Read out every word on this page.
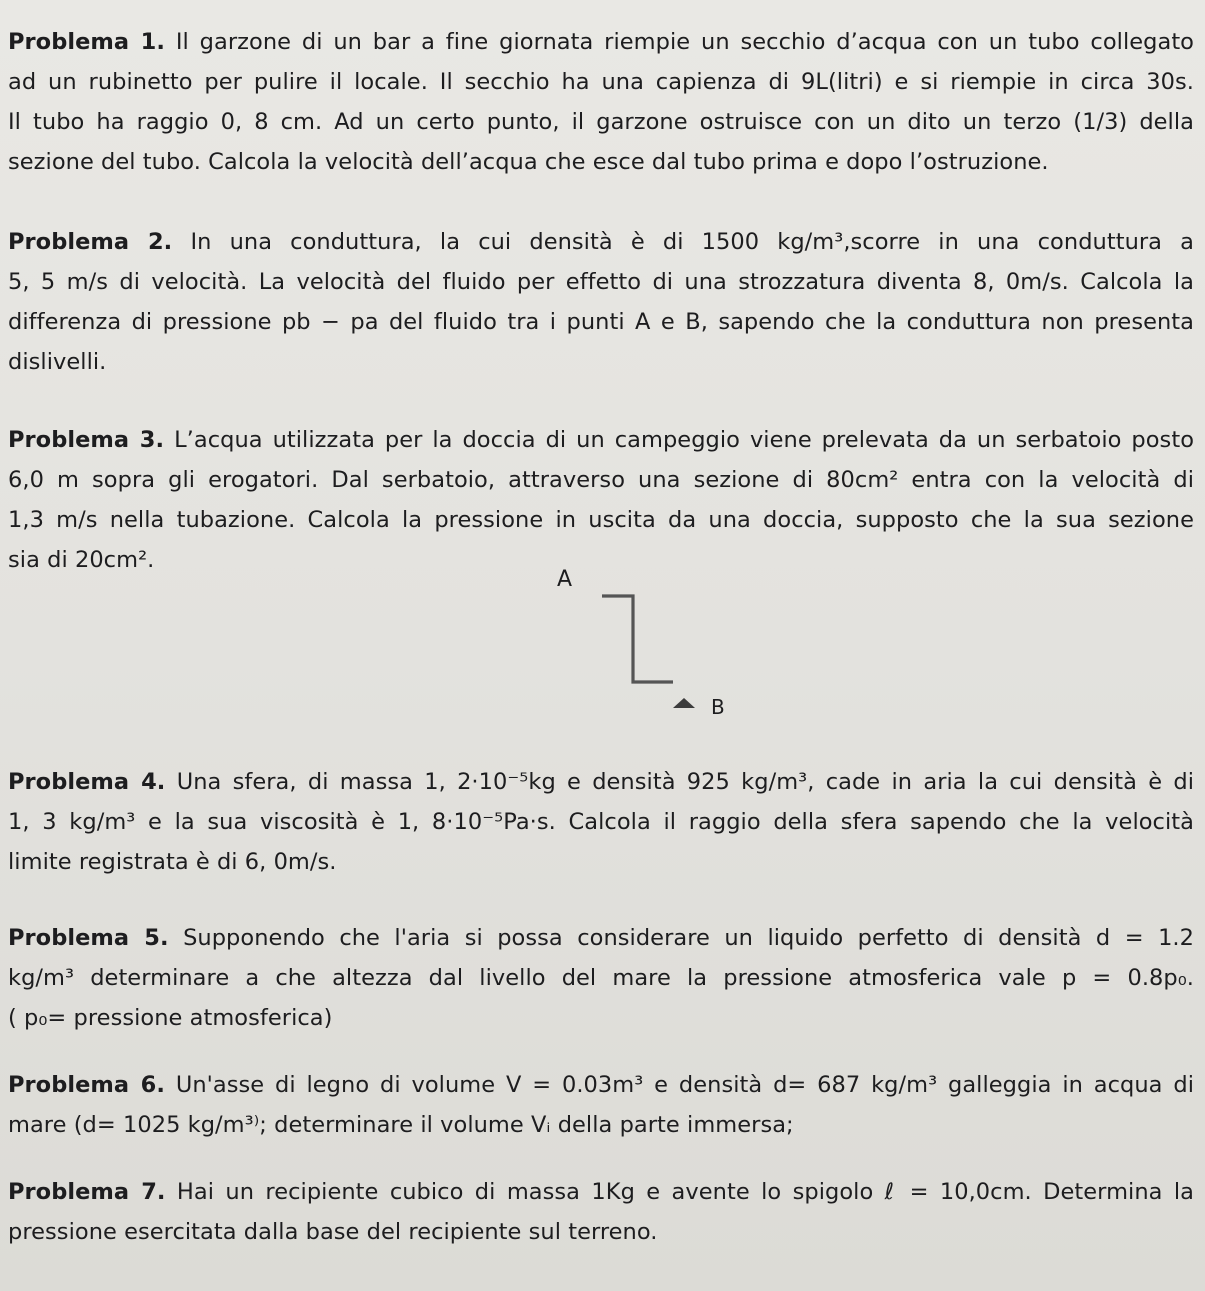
Problema 1. Il garzone di un bar a fine giornata riempie un secchio d’acqua con un tubo collegato
ad un rubinetto per pulire il locale. Il secchio ha una capienza di 9L(litri) e si riempie in circa 30s.
Il tubo ha raggio 0, 8 cm. Ad un certo punto, il garzone ostruisce con un dito un terzo (1/3) della
sezione del tubo. Calcola la velocità dell’acqua che esce dal tubo prima e dopo l’ostruzione.
Problema 2. In una conduttura, la cui densità è di 1500 kg/m³,scorre in una conduttura a
5, 5 m/s di velocità. La velocità del fluido per effetto di una strozzatura diventa 8, 0m/s. Calcola la
differenza di pressione pb − pa del fluido tra i punti A e B, sapendo che la conduttura non presenta
dislivelli.
Problema 3. L’acqua utilizzata per la doccia di un campeggio viene prelevata da un serbatoio posto
6,0 m sopra gli erogatori. Dal serbatoio, attraverso una sezione di 80cm² entra con la velocità di
1,3 m/s nella tubazione. Calcola la pressione in uscita da una doccia, supposto che la sua sezione
sia di 20cm².
A
B
Problema 4. Una sfera, di massa 1, 2·10⁻⁵kg e densità 925 kg/m³, cade in aria la cui densità è di
1, 3 kg/m³ e la sua viscosità è 1, 8·10⁻⁵Pa·s. Calcola il raggio della sfera sapendo che la velocità
limite registrata è di 6, 0m/s.
Problema 5. Supponendo che l'aria si possa considerare un liquido perfetto di densità d = 1.2
kg/m³ determinare a che altezza dal livello del mare la pressione atmosferica vale p = 0.8p₀.
( p₀= pressione atmosferica)
Problema 6. Un'asse di legno di volume V = 0.03m³ e densità d= 687 kg/m³ galleggia in acqua di
mare (d= 1025 kg/m³⁾; determinare il volume Vᵢ della parte immersa;
Problema 7. Hai un recipiente cubico di massa 1Kg e avente lo spigolo ℓ = 10,0cm. Determina la
pressione esercitata dalla base del recipiente sul terreno.
